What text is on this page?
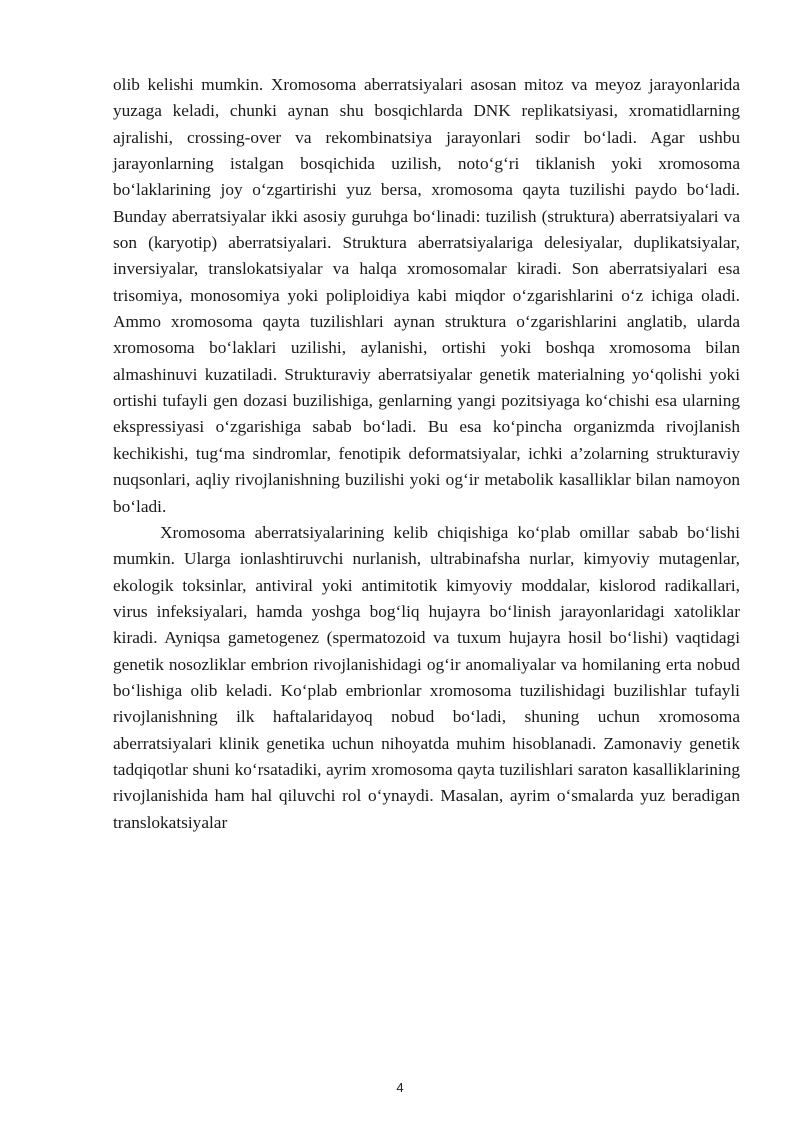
olib kelishi mumkin. Xromosoma aberratsiyalari asosan mitoz va meyoz jarayonlarida yuzaga keladi, chunki aynan shu bosqichlarda DNK replikatsiyasi, xromatidlarning ajralishi, crossing-over va rekombinatsiya jarayonlari sodir boʻladi. Agar ushbu jarayonlarning istalgan bosqichida uzilish, notoʻgʻri tiklanish yoki xromosoma boʻlaklarining joy oʻzgartirishi yuz bersa, xromosoma qayta tuzilishi paydo boʻladi. Bunday aberratsiyalar ikki asosiy guruhga boʻlinadi: tuzilish (struktura) aberratsiyalari va son (karyotip) aberratsiyalari. Struktura aberratsiyalariga delesiyalar, duplikatsiyalar, inversiyalar, translokatsiyalar va halqa xromosomalar kiradi. Son aberratsiyalari esa trisomiya, monosomiya yoki poliploidiya kabi miqdor oʻzgarishlarini oʻz ichiga oladi. Ammo xromosoma qayta tuzilishlari aynan struktura oʻzgarishlarini anglatib, ularda xromosoma boʻlaklari uzilishi, aylanishi, ortishi yoki boshqa xromosoma bilan almashinuvi kuzatiladi. Strukturaviy aberratsiyalar genetik materialning yoʻqolishi yoki ortishi tufayli gen dozasi buzilishiga, genlarning yangi pozitsiyaga koʻchishi esa ularning ekspressiyasi oʻzgarishiga sabab boʻladi. Bu esa koʻpincha organizmda rivojlanish kechikishi, tugʻma sindromlar, fenotipik deformatsiyalar, ichki a’zolarning strukturaviy nuqsonlari, aqliy rivojlanishning buzilishi yoki ogʻir metabolik kasalliklar bilan namoyon boʻladi.

Xromosoma aberratsiyalarining kelib chiqishiga koʻplab omillar sabab boʻlishi mumkin. Ularga ionlashtiruvchi nurlanish, ultrabinafsha nurlar, kimyoviy mutagenlar, ekologik toksinlar, antiviral yoki antimitotik kimyoviy moddalar, kislorod radikallari, virus infeksiyalari, hamda yoshga bogʻliq hujayra boʻlinish jarayonlaridagi xatoliklar kiradi. Ayniqsa gametogenez (spermatozoid va tuxum hujayra hosil boʻlishi) vaqtidagi genetik nosozliklar embrion rivojlanishidagi ogʻir anomaliyalar va homilaning erta nobud boʻlishiga olib keladi. Koʻplab embrionlar xromosoma tuzilishidagi buzilishlar tufayli rivojlanishning ilk haftalaridayoq nobud boʻladi, shuning uchun xromosoma aberratsiyalari klinik genetika uchun nihoyatda muhim hisoblanadi. Zamonaviy genetik tadqiqotlar shuni koʻrsatadiki, ayrim xromosoma qayta tuzilishlari saraton kasalliklarining rivojlanishida ham hal qiluvchi rol oʻynaydi. Masalan, ayrim oʻsmalarda yuz beradigan translokatsiyalar

4
